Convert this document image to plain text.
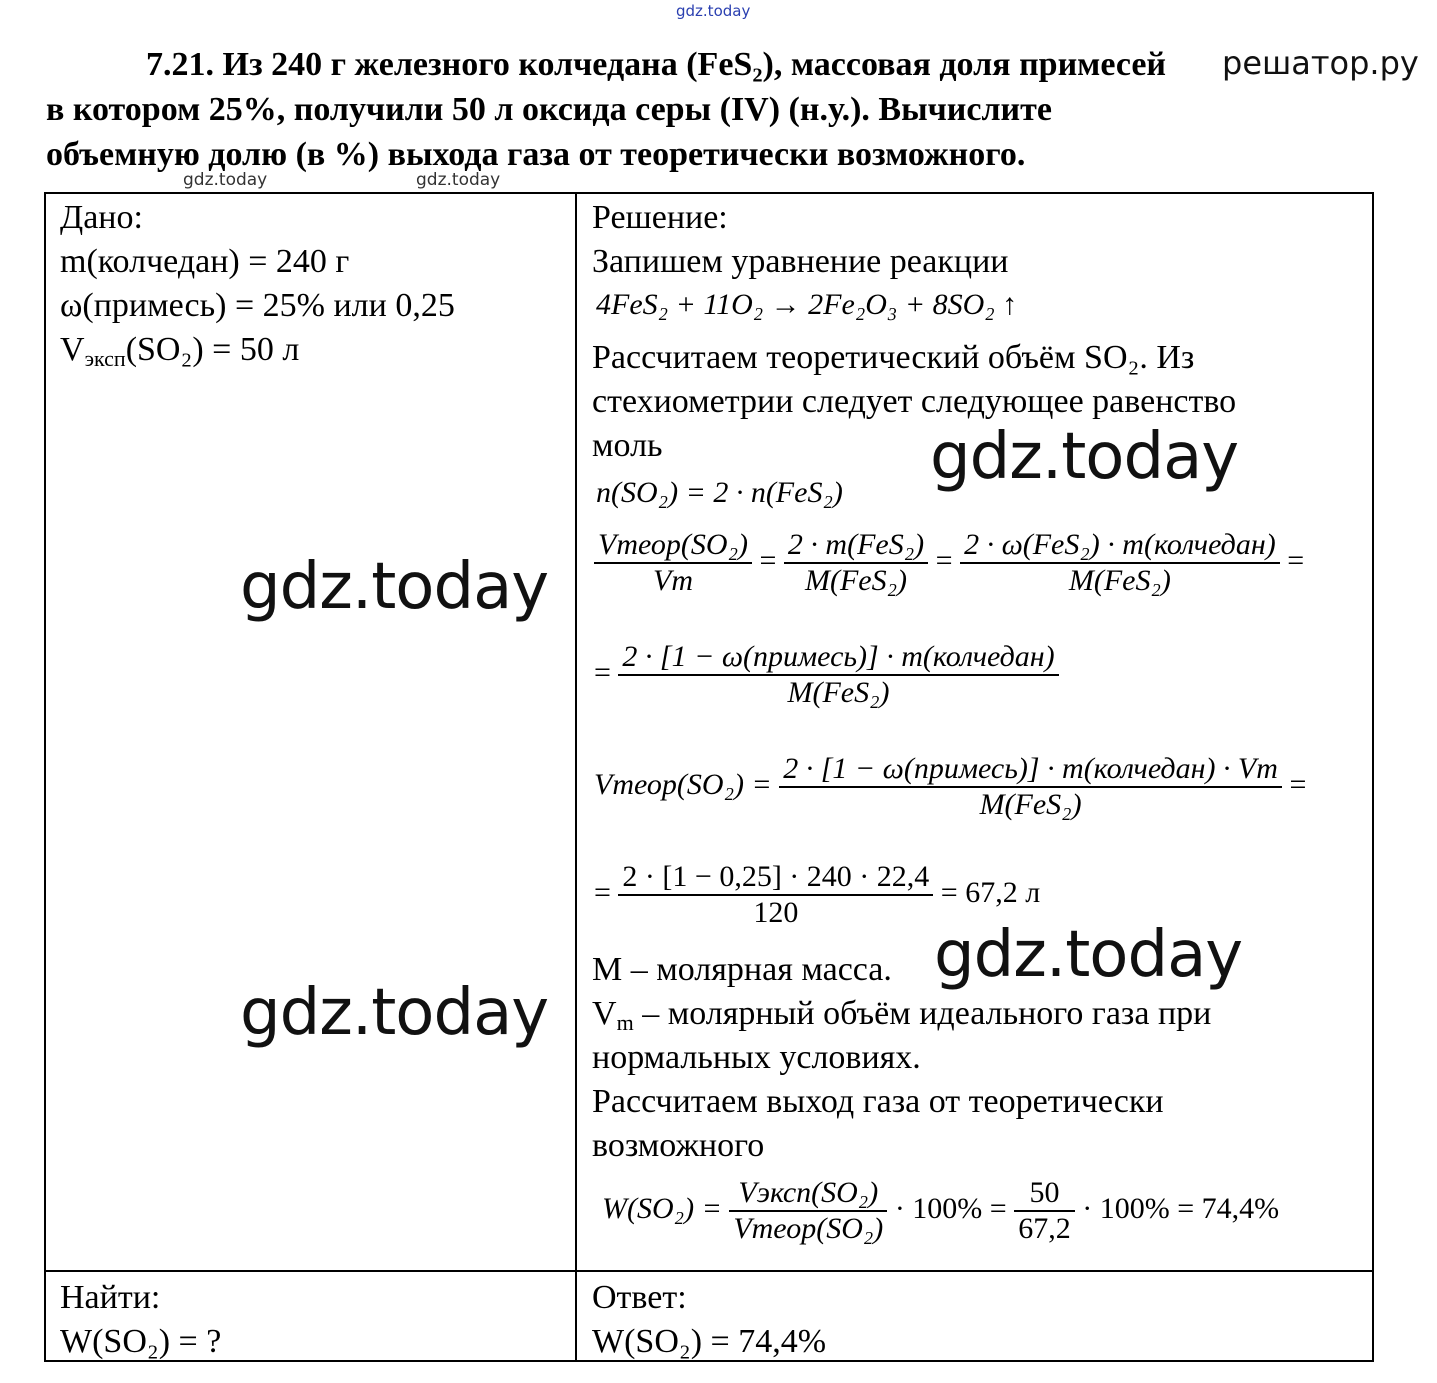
gdz.today
gdz.today	gdz.today
7.21. Из 240 г железного колчедана (FeS₂), массовая доля примесей
в котором 25%, получили 50 л оксида серы (IV) (н.у.). Вычислите
объемную долю (в %) выхода газа от теоретически возможного.
решатор.ру
Дано:
m(колчедан) = 240 г
ω(примесь) = 25% или 0,25
$V_{эксп}(SO_2) = 50$ л
Найти:
W(SO₂) = ?
Решение:
Запишем уравнение реакции
4FeS₂ + 11O₂ → 2Fe₂O₃ + 8SO₂ ↑
Рассчитаем теоретический объём SO₂. Из
стехиометрии следует следующее равенство
моль
n(SO₂) = 2 · n(FeS₂)
$\frac{\text{Vтеор(SO₂)}}{Vm} = \frac{\text{2 · m(FeS₂)}}{\text{M(FeS₂)}} = \frac{\text{2 · ω(FeS₂) · m(колчедан)}}{\text{M(FeS₂)}}$ =
= $\frac{\text{2 · [1 − ω(примесь)] · m(колчедан)}}{\text{M(FeS₂)}}$
Vтеор(SO₂) = $\frac{\text{2 · [1 − ω(примесь)] · m(колчедан) · Vm}}{\text{M(FeS₂)}}$ =
= $\frac{2 \cdot [1 - 0,25] \cdot 240 \cdot 22,4}{120} = 67,2$ л
M – молярная масса.
$V_m$ – молярный объём идеального газа при
нормальных условиях.
Рассчитаем выход газа от теоретически
возможного
$W(SO_2) = \frac{\text{Vэксп(SO₂)}}{\text{Vтеор(SO₂)}} \cdot 100\% = \frac{50}{67,2} \cdot 100\% = 74,4\%$
Ответ:
W(SO₂) = 74,4%
gdz.today
gdz.today
gdz.today
gdz.today
